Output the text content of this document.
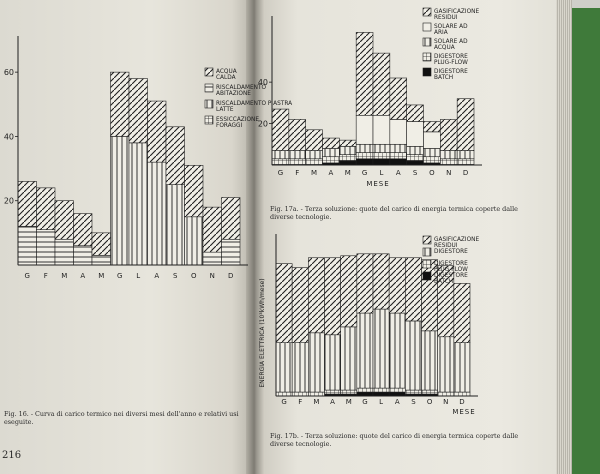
20
40
60
G F M A M G L A S O N D
ACQUA
CALDA
RISCALDAMENTO
ABITAZIONE
RISCALDAMENTO PIASTRA
LATTE
ESSICCAZIONE
FORAGGI
Fig. 16. - Curva di carico termico nei diversi mesi dell'anno e relativi usi eseguite.
216
20
40
G F M A M G L A S O N D
MESE
GASIFICAZIONE
RESIDUI
SOLARE AD
ARIA
SOLARE AD
ACQUA
DIGESTORE
PLUG-FLOW
DIGESTORE
BATCH
Fig. 17a. - Terza soluzione: quote del carico di energia termica coperte dalle diverse tecnologie.
G F M A M G L A S O N D
MESE
ENERGIA ELETTRICA (10³kWh/mese)
GASIFICAZIONE
RESIDUI
DIGESTORE
DIGESTORE
PLUG-FLOW
DIGESTORE
BATCH
Fig. 17b. - Terza soluzione: quote del carico di energia termica coperte dalle diverse tecnologie.
